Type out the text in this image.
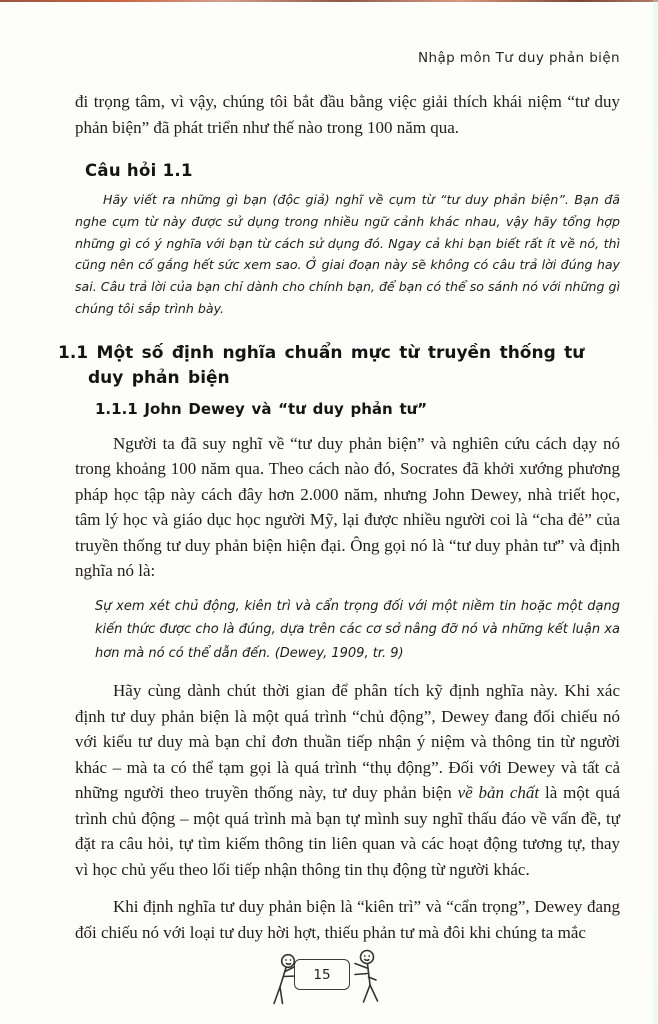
Nhập môn Tư duy phản biện

đi trọng tâm, vì vậy, chúng tôi bắt đầu bằng việc giải thích khái niệm “tư duy phản biện” đã phát triển như thế nào trong 100 năm qua.

Câu hỏi 1.1

Hãy viết ra những gì bạn (độc giả) nghĩ về cụm từ “tư duy phản biện”. Bạn đã nghe cụm từ này được sử dụng trong nhiều ngữ cảnh khác nhau, vậy hãy tổng hợp những gì có ý nghĩa với bạn từ cách sử dụng đó. Ngay cả khi bạn biết rất ít về nó, thì cũng nên cố gắng hết sức xem sao. Ở giai đoạn này sẽ không có câu trả lời đúng hay sai. Câu trả lời của bạn chỉ dành cho chính bạn, để bạn có thể so sánh nó với những gì chúng tôi sắp trình bày.

1.1 Một số định nghĩa chuẩn mực từ truyền thống tư duy phản biện
1.1.1 John Dewey và “tư duy phản tư”

Người ta đã suy nghĩ về “tư duy phản biện” và nghiên cứu cách dạy nó trong khoảng 100 năm qua. Theo cách nào đó, Socrates đã khởi xướng phương pháp học tập này cách đây hơn 2.000 năm, nhưng John Dewey, nhà triết học, tâm lý học và giáo dục học người Mỹ, lại được nhiều người coi là “cha đẻ” của truyền thống tư duy phản biện hiện đại. Ông gọi nó là “tư duy phản tư” và định nghĩa nó là:

Sự xem xét chủ động, kiên trì và cẩn trọng đối với một niềm tin hoặc một dạng kiến thức được cho là đúng, dựa trên các cơ sở nâng đỡ nó và những kết luận xa hơn mà nó có thể dẫn đến. (Dewey, 1909, tr. 9)

Hãy cùng dành chút thời gian để phân tích kỹ định nghĩa này. Khi xác định tư duy phản biện là một quá trình “chủ động”, Dewey đang đối chiếu nó với kiểu tư duy mà bạn chỉ đơn thuần tiếp nhận ý niệm và thông tin từ người khác – mà ta có thể tạm gọi là quá trình “thụ động”. Đối với Dewey và tất cả những người theo truyền thống này, tư duy phản biện về bản chất là một quá trình chủ động – một quá trình mà bạn tự mình suy nghĩ thấu đáo về vấn đề, tự đặt ra câu hỏi, tự tìm kiếm thông tin liên quan và các hoạt động tương tự, thay vì học chủ yếu theo lối tiếp nhận thông tin thụ động từ người khác.

Khi định nghĩa tư duy phản biện là “kiên trì” và “cẩn trọng”, Dewey đang đối chiếu nó với loại tư duy hời hợt, thiếu phản tư mà đôi khi chúng ta mắc

15
